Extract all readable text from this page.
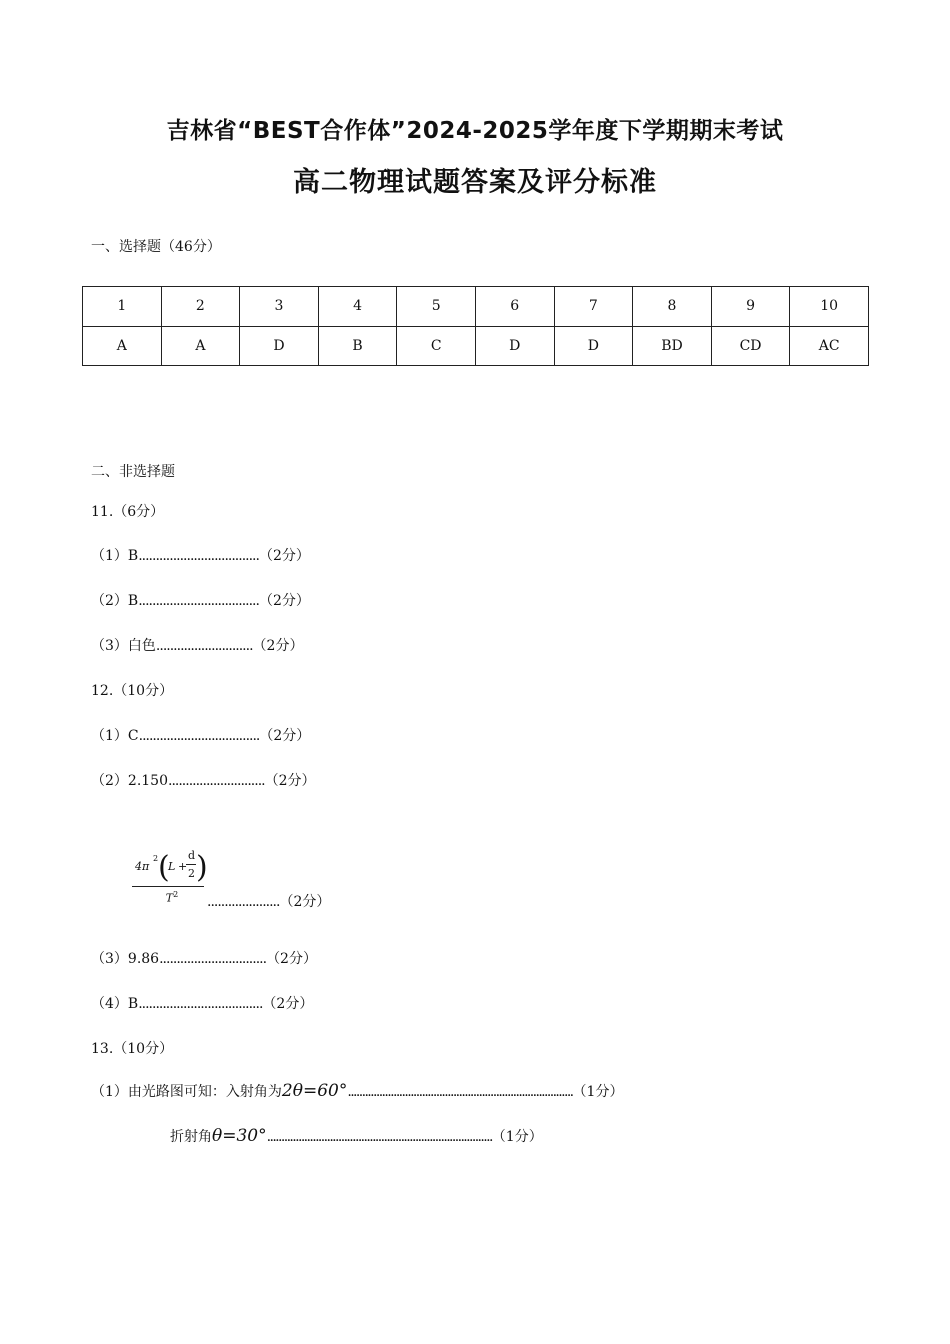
吉林省“BEST合作体”2024-2025学年度下学期期末考试
高二物理试题答案及评分标准
一、选择题（46分）
1	2	3	4	5	6	7	8	9	10
A	A	D	B	C	D	D	BD	CD	AC
二、非选择题
11.（6分）
（1）B...................................（2分）
（2）B...................................（2分）
（3）白色............................（2分）
12.（10分）
（1）C...................................（2分）
（2）2.150............................（2分）
4π
2 (
L +
d
2 )
$T^2$ .....................（2分）
（3）9.86...............................（2分）
（4）B....................................（2分）
13.（10分）
（1）由光路图可知：入射角为2θ=60°...............................................................................（1分）
折射角θ=30°...............................................................................（1分）
